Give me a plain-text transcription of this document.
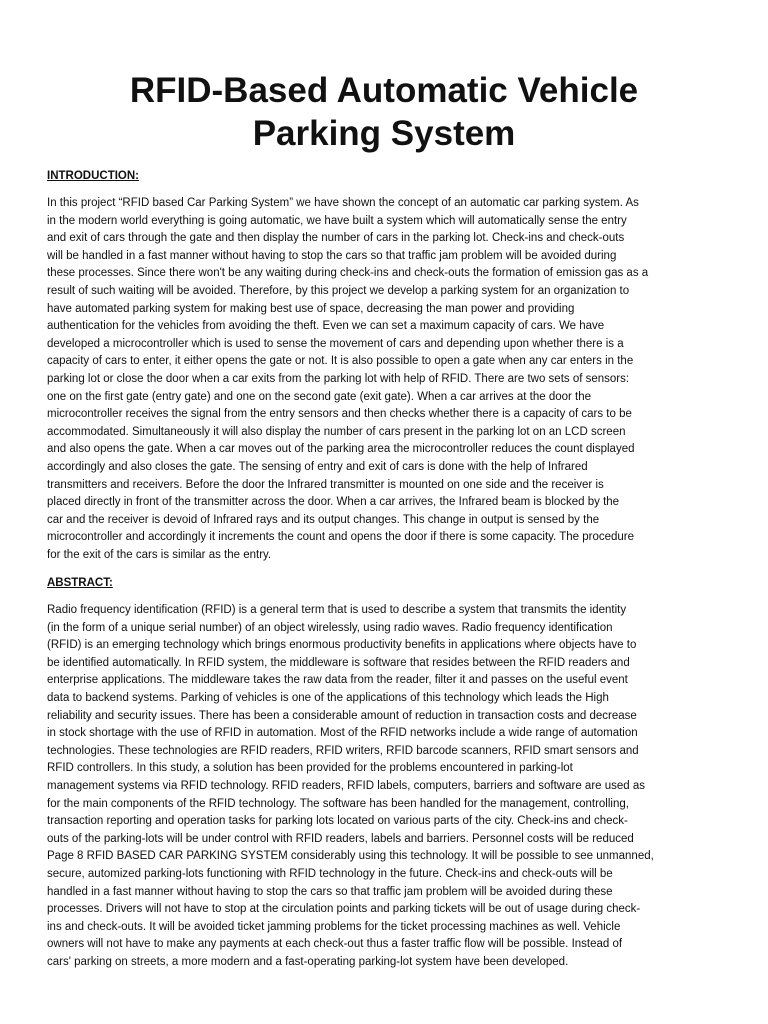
RFID-Based Automatic Vehicle
Parking System
INTRODUCTION:

In this project “RFID based Car Parking System” we have shown the concept of an automatic car parking system. As
in the modern world everything is going automatic, we have built a system which will automatically sense the entry
and exit of cars through the gate and then display the number of cars in the parking lot. Check-ins and check-outs
will be handled in a fast manner without having to stop the cars so that traffic jam problem will be avoided during
these processes. Since there won't be any waiting during check-ins and check-outs the formation of emission gas as a
result of such waiting will be avoided. Therefore, by this project we develop a parking system for an organization to
have automated parking system for making best use of space, decreasing the man power and providing
authentication for the vehicles from avoiding the theft. Even we can set a maximum capacity of cars. We have
developed a microcontroller which is used to sense the movement of cars and depending upon whether there is a
capacity of cars to enter, it either opens the gate or not. It is also possible to open a gate when any car enters in the
parking lot or close the door when a car exits from the parking lot with help of RFID. There are two sets of sensors:
one on the first gate (entry gate) and one on the second gate (exit gate). When a car arrives at the door the
microcontroller receives the signal from the entry sensors and then checks whether there is a capacity of cars to be
accommodated. Simultaneously it will also display the number of cars present in the parking lot on an LCD screen
and also opens the gate. When a car moves out of the parking area the microcontroller reduces the count displayed
accordingly and also closes the gate. The sensing of entry and exit of cars is done with the help of Infrared
transmitters and receivers. Before the door the Infrared transmitter is mounted on one side and the receiver is
placed directly in front of the transmitter across the door. When a car arrives, the Infrared beam is blocked by the
car and the receiver is devoid of Infrared rays and its output changes. This change in output is sensed by the
microcontroller and accordingly it increments the count and opens the door if there is some capacity. The procedure
for the exit of the cars is similar as the entry.

ABSTRACT:

Radio frequency identification (RFID) is a general term that is used to describe a system that transmits the identity
(in the form of a unique serial number) of an object wirelessly, using radio waves. Radio frequency identification
(RFID) is an emerging technology which brings enormous productivity benefits in applications where objects have to
be identified automatically. In RFID system, the middleware is software that resides between the RFID readers and
enterprise applications. The middleware takes the raw data from the reader, filter it and passes on the useful event
data to backend systems. Parking of vehicles is one of the applications of this technology which leads the High
reliability and security issues. There has been a considerable amount of reduction in transaction costs and decrease
in stock shortage with the use of RFID in automation. Most of the RFID networks include a wide range of automation
technologies. These technologies are RFID readers, RFID writers, RFID barcode scanners, RFID smart sensors and
RFID controllers. In this study, a solution has been provided for the problems encountered in parking-lot
management systems via RFID technology. RFID readers, RFID labels, computers, barriers and software are used as
for the main components of the RFID technology. The software has been handled for the management, controlling,
transaction reporting and operation tasks for parking lots located on various parts of the city. Check-ins and check-
outs of the parking-lots will be under control with RFID readers, labels and barriers. Personnel costs will be reduced
Page 8 RFID BASED CAR PARKING SYSTEM considerably using this technology. It will be possible to see unmanned,
secure, automized parking-lots functioning with RFID technology in the future. Check-ins and check-outs will be
handled in a fast manner without having to stop the cars so that traffic jam problem will be avoided during these
processes. Drivers will not have to stop at the circulation points and parking tickets will be out of usage during check-
ins and check-outs. It will be avoided ticket jamming problems for the ticket processing machines as well. Vehicle
owners will not have to make any payments at each check-out thus a faster traffic flow will be possible. Instead of
cars' parking on streets, a more modern and a fast-operating parking-lot system have been developed.
